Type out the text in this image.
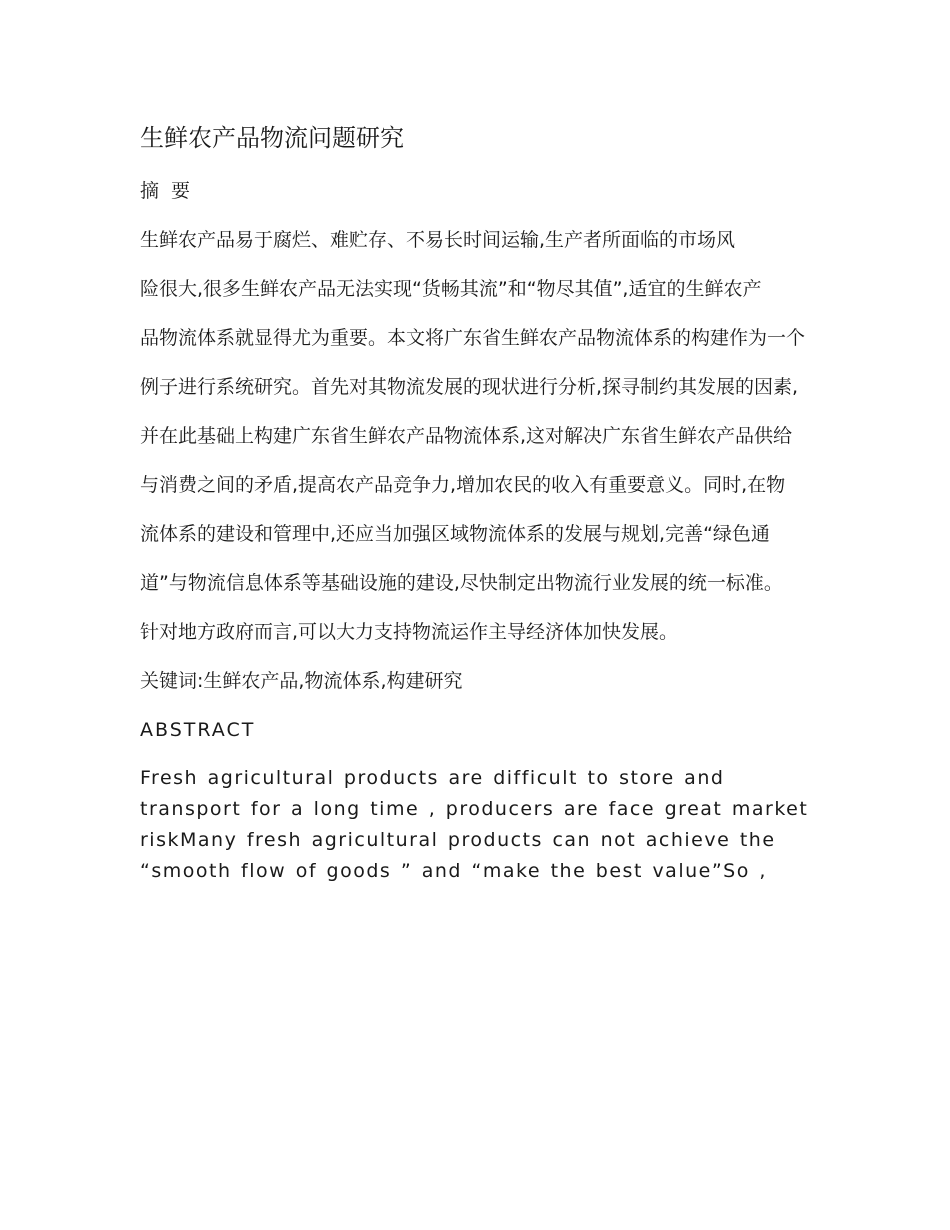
生鲜农产品物流问题研究
摘 要
生鲜农产品易于腐烂、难贮存、不易长时间运输,生产者所面临的市场风
险很大,很多生鲜农产品无法实现“货畅其流”和“物尽其值”,适宜的生鲜农产
品物流体系就显得尤为重要。本文将广东省生鲜农产品物流体系的构建作为一个
例子进行系统研究。首先对其物流发展的现状进行分析,探寻制约其发展的因素,
并在此基础上构建广东省生鲜农产品物流体系,这对解决广东省生鲜农产品供给
与消费之间的矛盾,提高农产品竞争力,增加农民的收入有重要意义。同时,在物
流体系的建设和管理中,还应当加强区域物流体系的发展与规划,完善“绿色通
道”与物流信息体系等基础设施的建设,尽快制定出物流行业发展的统一标准。
针对地方政府而言,可以大力支持物流运作主导经济体加快发展。
关键词:生鲜农产品,物流体系,构建研究
ABSTRACT
Fresh agricultural products are difficult to store and transport for a long time , producers are face great market riskMany fresh agricultural products can not achieve the “smooth flow of goods ” and “make the best value”So ,
